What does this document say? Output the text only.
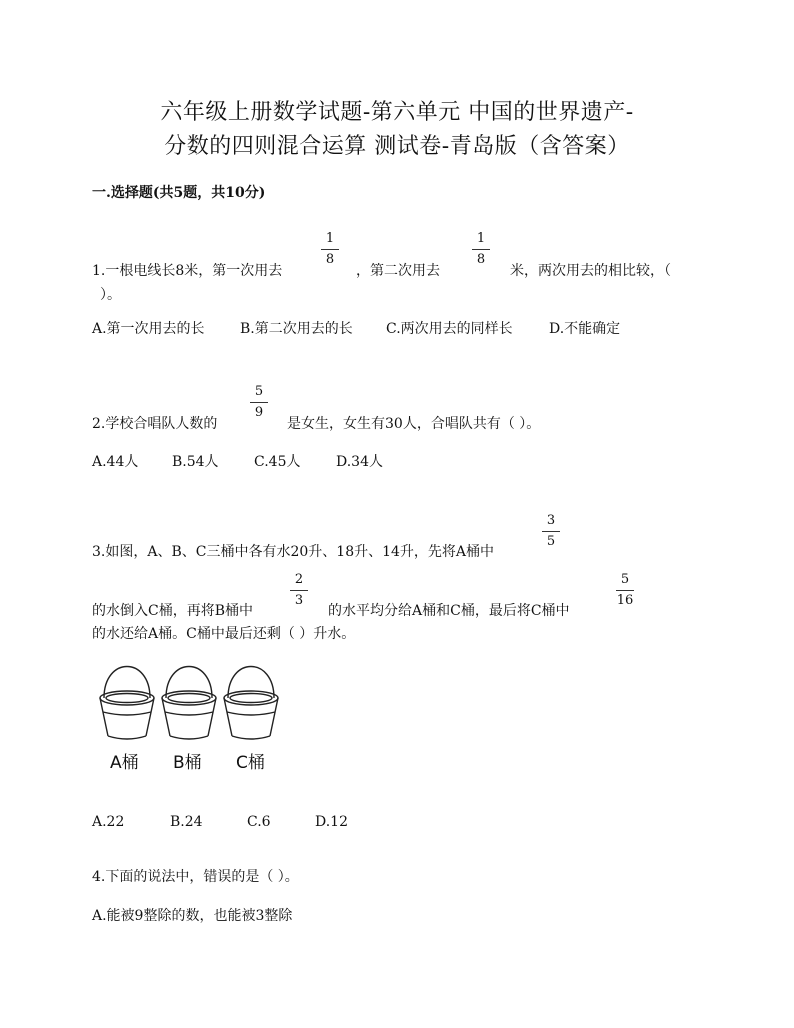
六年级上册数学试题-第六单元 中国的世界遗产-
分数的四则混合运算 测试卷-青岛版（含答案）
一.选择题(共5题，共10分)
1.一根电线长8米，第一次用去
1
8
，第二次用去
1
8
米，两次用去的相比较，（
）。
A.第一次用去的长	B.第二次用去的长 C.两次用去的同样长	D.不能确定
2.学校合唱队人数的
5
9
是女生，女生有30人，合唱队共有（ ）。
A.44人 B.54人	C.45人	D.34人
3.如图，A、B、C三桶中各有水20升、18升、14升，先将A桶中
3
5
的水倒入C桶，再将B桶中
2
3
的水平均分给A桶和C桶，最后将C桶中
5
16
的水还给A桶。C桶中最后还剩（ ）升水。
A桶 B桶 C桶
A.22	B.24	C.6	D.12
4.下面的说法中，错误的是（ ）。
A.能被9整除的数，也能被3整除
